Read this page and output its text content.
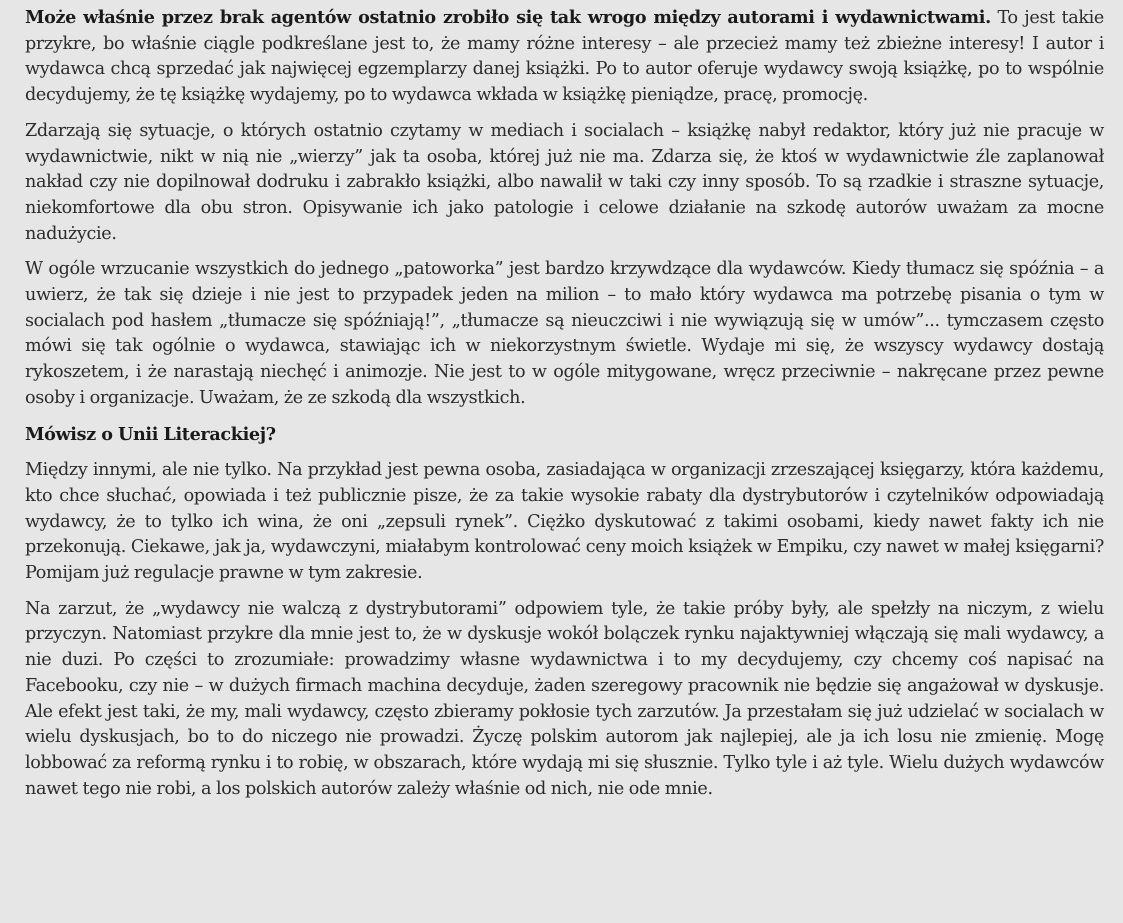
Może właśnie przez brak agentów ostatnio zrobiło się tak wrogo między autorami i wydawnictwami. To jest takie przykre, bo właśnie ciągle podkreślane jest to, że mamy różne interesy – ale przecież mamy też zbieżne interesy! I autor i wydawca chcą sprzedać jak najwięcej egzemplarzy danej książki. Po to autor oferuje wydawcy swoją książkę, po to wspólnie decydujemy, że tę książkę wydajemy, po to wydawca wkłada w książkę pieniądze, pracę, promocję.

Zdarzają się sytuacje, o których ostatnio czytamy w mediach i socialach – książkę nabył redaktor, który już nie pracuje w wydawnictwie, nikt w nią nie „wierzy” jak ta osoba, której już nie ma. Zdarza się, że ktoś w wydawnictwie źle zaplanował nakład czy nie dopilnował dodruku i zabrakło książki, albo nawalił w taki czy inny sposób. To są rzadkie i straszne sytuacje, niekomfortowe dla obu stron. Opisywanie ich jako patologie i celowe działanie na szkodę autorów uważam za mocne nadużycie.

W ogóle wrzucanie wszystkich do jednego „patoworka” jest bardzo krzywdzące dla wydawców. Kiedy tłumacz się spóźnia – a uwierz, że tak się dzieje i nie jest to przypadek jeden na milion – to mało który wydawca ma potrzebę pisania o tym w socialach pod hasłem „tłumacze się spóźniają!”, „tłumacze są nieuczciwi i nie wywiązują się w umów”... tymczasem często mówi się tak ogólnie o wydawca, stawiając ich w niekorzystnym świetle. Wydaje mi się, że wszyscy wydawcy dostają rykoszetem, i że narastają niechęć i animozje. Nie jest to w ogóle mitygowane, wręcz przeciwnie – nakręcane przez pewne osoby i organizacje. Uważam, że ze szkodą dla wszystkich.

Mówisz o Unii Literackiej?

Między innymi, ale nie tylko. Na przykład jest pewna osoba, zasiadająca w organizacji zrzeszającej księgarzy, która każdemu, kto chce słuchać, opowiada i też publicznie pisze, że za takie wysokie rabaty dla dystrybutorów i czytelników odpowiadają wydawcy, że to tylko ich wina, że oni „zepsuli rynek”. Ciężko dyskutować z takimi osobami, kiedy nawet fakty ich nie przekonują. Ciekawe, jak ja, wydawczyni, miałabym kontrolować ceny moich książek w Empiku, czy nawet w małej księgarni? Pomijam już regulacje prawne w tym zakresie.

Na zarzut, że „wydawcy nie walczą z dystrybutorami” odpowiem tyle, że takie próby były, ale spełzły na niczym, z wielu przyczyn. Natomiast przykre dla mnie jest to, że w dyskusje wokół bolączek rynku najaktywniej włączają się mali wydawcy, a nie duzi. Po części to zrozumiałe: prowadzimy własne wydawnictwa i to my decydujemy, czy chcemy coś napisać na Facebooku, czy nie – w dużych firmach machina decyduje, żaden szeregowy pracownik nie będzie się angażował w dyskusje. Ale efekt jest taki, że my, mali wydawcy, często zbieramy pokłosie tych zarzutów. Ja przestałam się już udzielać w socialach w wielu dyskusjach, bo to do niczego nie prowadzi. Życzę polskim autorom jak najlepiej, ale ja ich losu nie zmienię. Mogę lobbować za reformą rynku i to robię, w obszarach, które wydają mi się słusznie. Tylko tyle i aż tyle. Wielu dużych wydawców nawet tego nie robi, a los polskich autorów zależy właśnie od nich, nie ode mnie.
